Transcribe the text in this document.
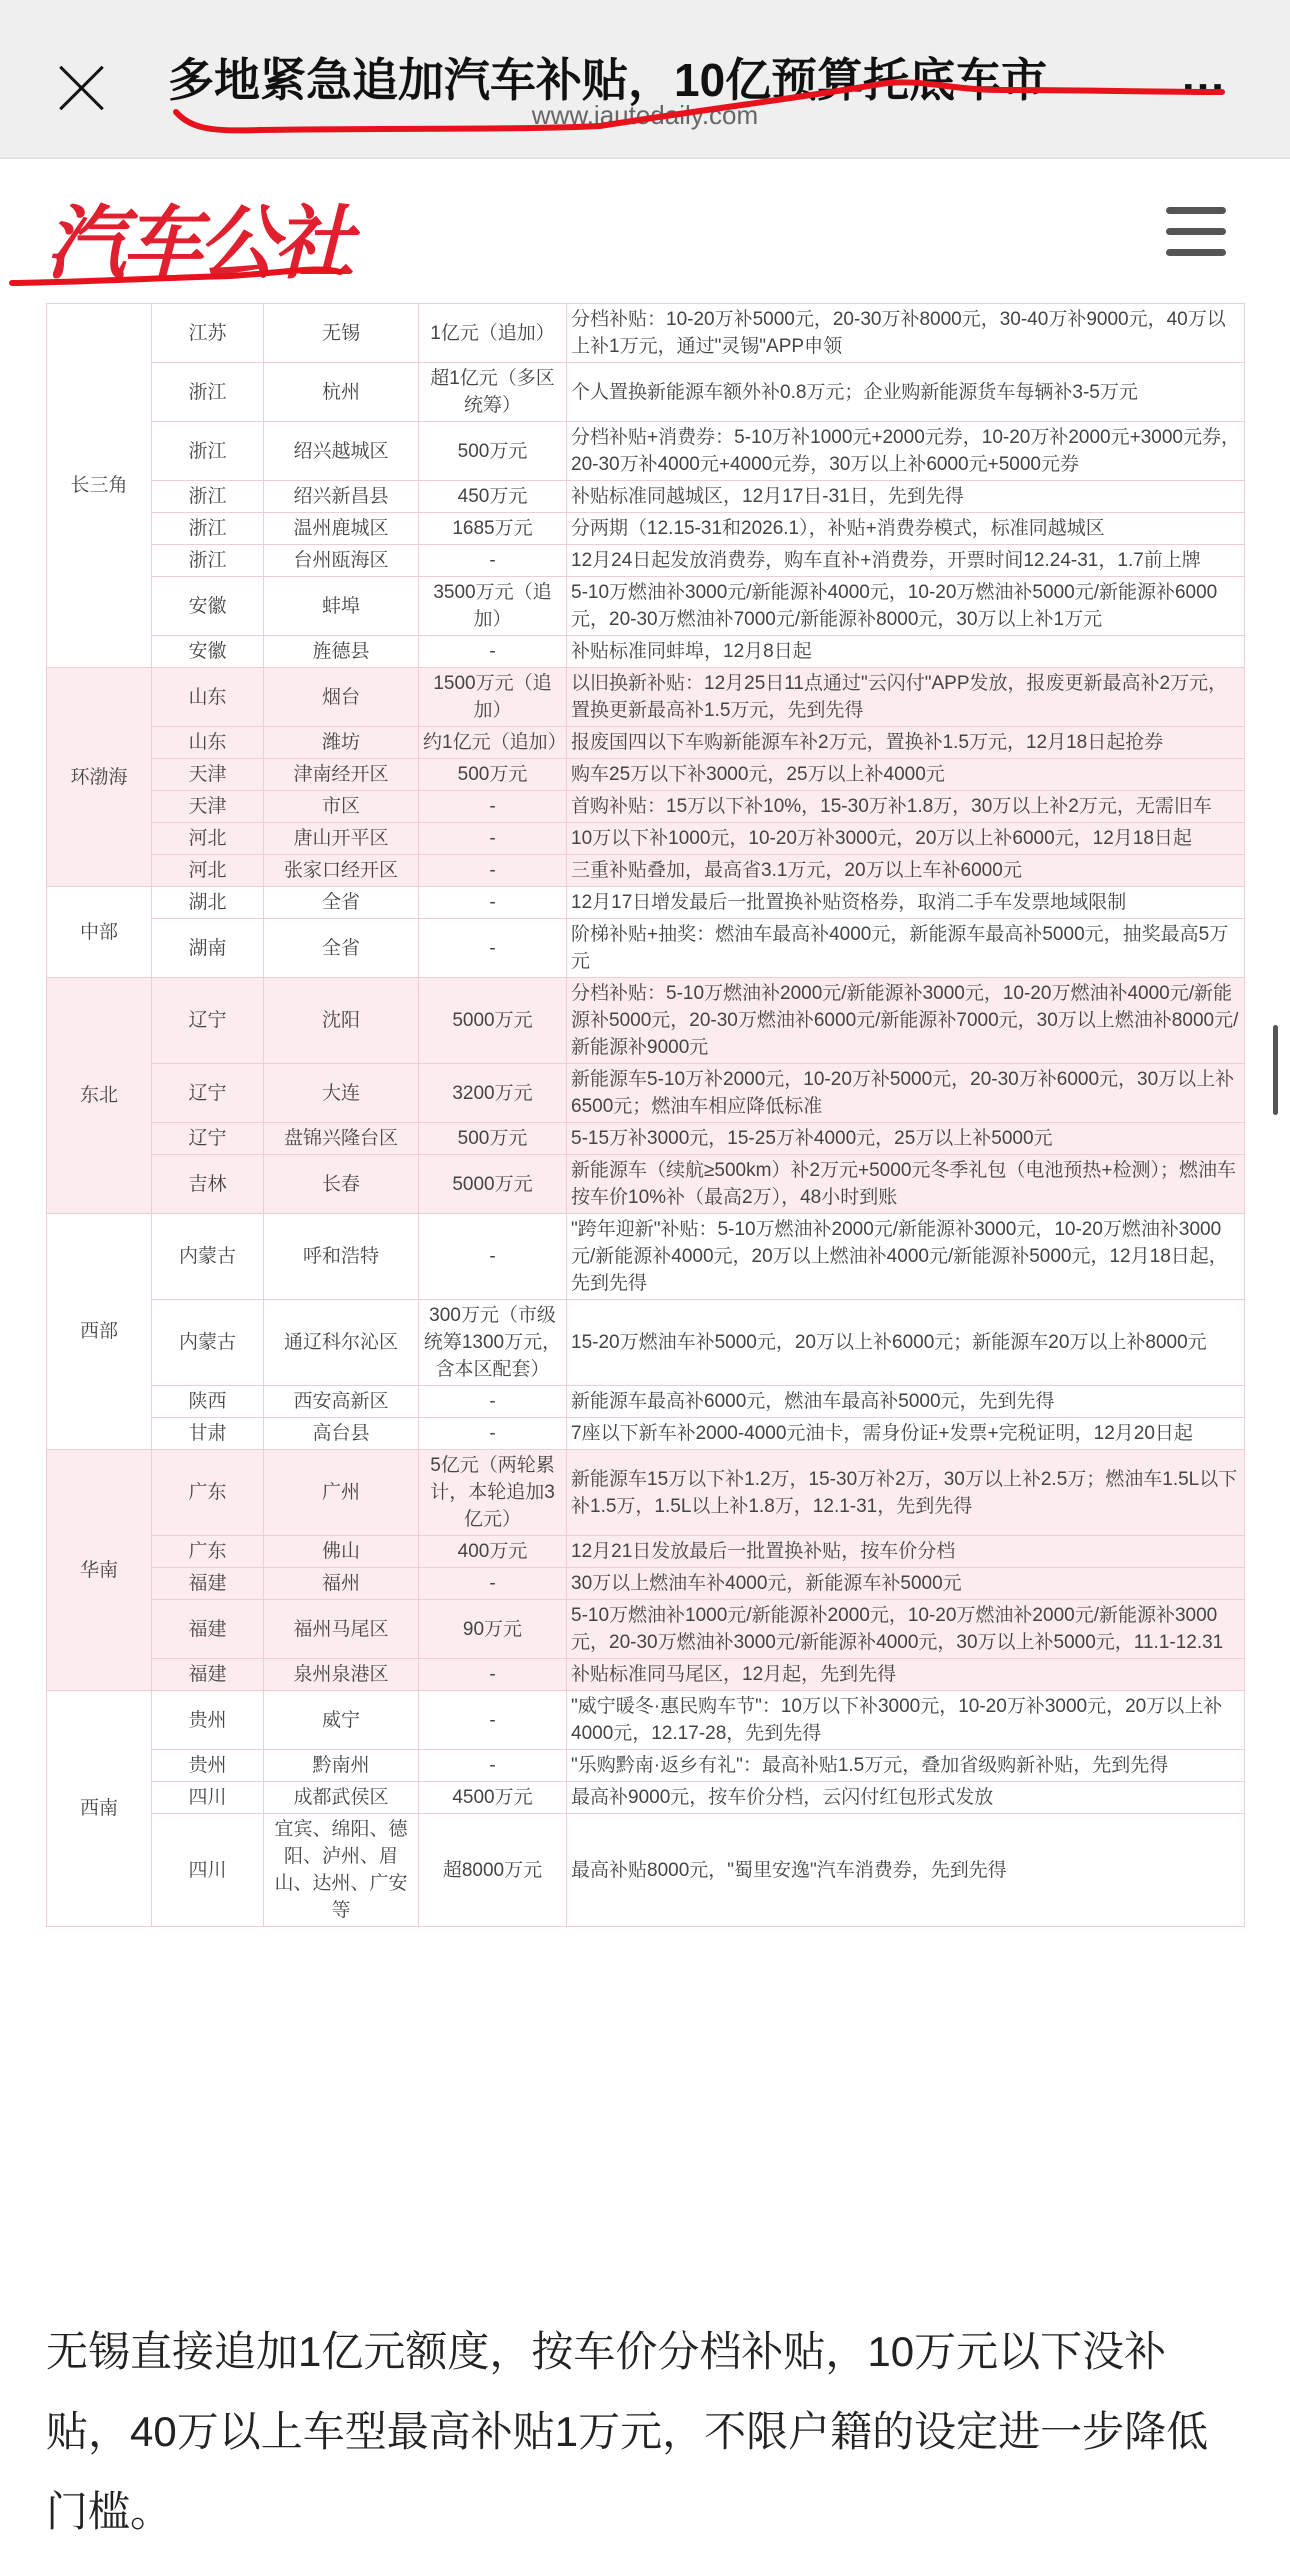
多地紧急追加汽车补贴，10亿预算托底车市	…
www.iautodaily.com
汽车公社
长三角	江苏	无锡	1亿元（追加）	分档补贴：10-20万补5000元，20-30万补8000元，30-40万补9000元，40万以上补1万元，通过"灵锡"APP申领
	浙江	杭州	超1亿元（多区统筹）	个人置换新能源车额外补0.8万元；企业购新能源货车每辆补3-5万元
	浙江	绍兴越城区	500万元	分档补贴+消费券：5-10万补1000元+2000元券，10-20万补2000元+3000元券，20-30万补4000元+4000元券，30万以上补6000元+5000元券
	浙江	绍兴新昌县	450万元	补贴标准同越城区，12月17日-31日，先到先得
	浙江	温州鹿城区	1685万元	分两期（12.15-31和2026.1），补贴+消费券模式，标准同越城区
	浙江	台州瓯海区	-	12月24日起发放消费券，购车直补+消费券，开票时间12.24-31，1.7前上牌
	安徽	蚌埠	3500万元（追加）	5-10万燃油补3000元/新能源补4000元，10-20万燃油补5000元/新能源补6000元，20-30万燃油补7000元/新能源补8000元，30万以上补1万元
	安徽	旌德县	-	补贴标准同蚌埠，12月8日起
环渤海	山东	烟台	1500万元（追加）	以旧换新补贴：12月25日11点通过"云闪付"APP发放，报废更新最高补2万元，置换更新最高补1.5万元，先到先得
	山东	潍坊	约1亿元（追加）	报废国四以下车购新能源车补2万元，置换补1.5万元，12月18日起抢券
	天津	津南经开区	500万元	购车25万以下补3000元，25万以上补4000元
	天津	市区	-	首购补贴：15万以下补10%，15-30万补1.8万，30万以上补2万元，无需旧车
	河北	唐山开平区	-	10万以下补1000元，10-20万补3000元，20万以上补6000元，12月18日起
	河北	张家口经开区	-	三重补贴叠加，最高省3.1万元，20万以上车补6000元
中部	湖北	全省	-	12月17日增发最后一批置换补贴资格券，取消二手车发票地域限制
	湖南	全省	-	阶梯补贴+抽奖：燃油车最高补4000元，新能源车最高补5000元，抽奖最高5万元
东北	辽宁	沈阳	5000万元	分档补贴：5-10万燃油补2000元/新能源补3000元，10-20万燃油补4000元/新能源补5000元，20-30万燃油补6000元/新能源补7000元，30万以上燃油补8000元/新能源补9000元
	辽宁	大连	3200万元	新能源车5-10万补2000元，10-20万补5000元，20-30万补6000元，30万以上补6500元；燃油车相应降低标准
	辽宁	盘锦兴隆台区	500万元	5-15万补3000元，15-25万补4000元，25万以上补5000元
	吉林	长春	5000万元	新能源车（续航≥500km）补2万元+5000元冬季礼包（电池预热+检测）；燃油车按车价10%补（最高2万），48小时到账
西部	内蒙古	呼和浩特	-	"跨年迎新"补贴：5-10万燃油补2000元/新能源补3000元，10-20万燃油补3000元/新能源补4000元，20万以上燃油补4000元/新能源补5000元，12月18日起，先到先得
	内蒙古	通辽科尔沁区	300万元（市级统筹1300万元，含本区配套）	15-20万燃油车补5000元，20万以上补6000元；新能源车20万以上补8000元
	陕西	西安高新区	-	新能源车最高补6000元，燃油车最高补5000元，先到先得
	甘肃	高台县	-	7座以下新车补2000-4000元油卡，需身份证+发票+完税证明，12月20日起
华南	广东	广州	5亿元（两轮累计，本轮追加3亿元）	新能源车15万以下补1.2万，15-30万补2万，30万以上补2.5万；燃油车1.5L以下补1.5万，1.5L以上补1.8万，12.1-31，先到先得
	广东	佛山	400万元	12月21日发放最后一批置换补贴，按车价分档
	福建	福州	-	30万以上燃油车补4000元，新能源车补5000元
	福建	福州马尾区	90万元	5-10万燃油补1000元/新能源补2000元，10-20万燃油补2000元/新能源补3000元，20-30万燃油补3000元/新能源补4000元，30万以上补5000元，11.1-12.31
	福建	泉州泉港区	-	补贴标准同马尾区，12月起，先到先得
西南	贵州	威宁	-	"威宁暖冬·惠民购车节"：10万以下补3000元，10-20万补3000元，20万以上补4000元，12.17-28，先到先得
	贵州	黔南州	-	"乐购黔南·返乡有礼"：最高补贴1.5万元，叠加省级购新补贴，先到先得
	四川	成都武侯区	4500万元	最高补9000元，按车价分档，云闪付红包形式发放
	四川	宜宾、绵阳、德阳、泸州、眉山、达州、广安 等	超8000万元	最高补贴8000元，"蜀里安逸"汽车消费券，先到先得
无锡直接追加1亿元额度，按车价分档补贴，10万元以下没补贴，40万以上车型最高补贴1万元，不限户籍的设定进一步降低门槛。
